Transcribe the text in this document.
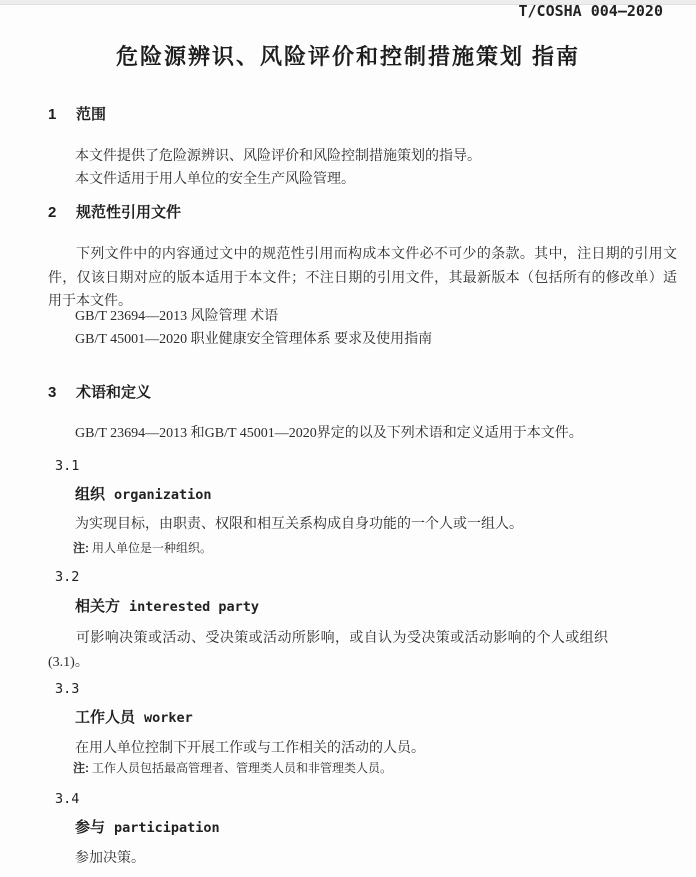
T/COSHA 004—2020
危险源辨识、风险评价和控制措施策划 指南
1 范围

本文件提供了危险源辨识、风险评价和风险控制措施策划的指导。

本文件适用于用人单位的安全生产风险管理。

2 规范性引用文件

下列文件中的内容通过文中的规范性引用而构成本文件必不可少的条款。其中，注日期的引用文件，仅该日期对应的版本适用于本文件；不注日期的引用文件，其最新版本（包括所有的修改单）适用于本文件。

GB/T 23694—2013 风险管理 术语

GB/T 45001—2020 职业健康安全管理体系 要求及使用指南

3 术语和定义

GB/T 23694—2013 和GB/T 45001—2020界定的以及下列术语和定义适用于本文件。

3.1

组织 organization

为实现目标，由职责、权限和相互关系构成自身功能的一个人或一组人。

注: 用人单位是一种组织。

3.2

相关方 interested party

可影响决策或活动、受决策或活动所影响，或自认为受决策或活动影响的个人或组织(3.1)。

3.3

工作人员 worker

在用人单位控制下开展工作或与工作相关的活动的人员。

注: 工作人员包括最高管理者、管理类人员和非管理类人员。

3.4

参与 participation

参加决策。
